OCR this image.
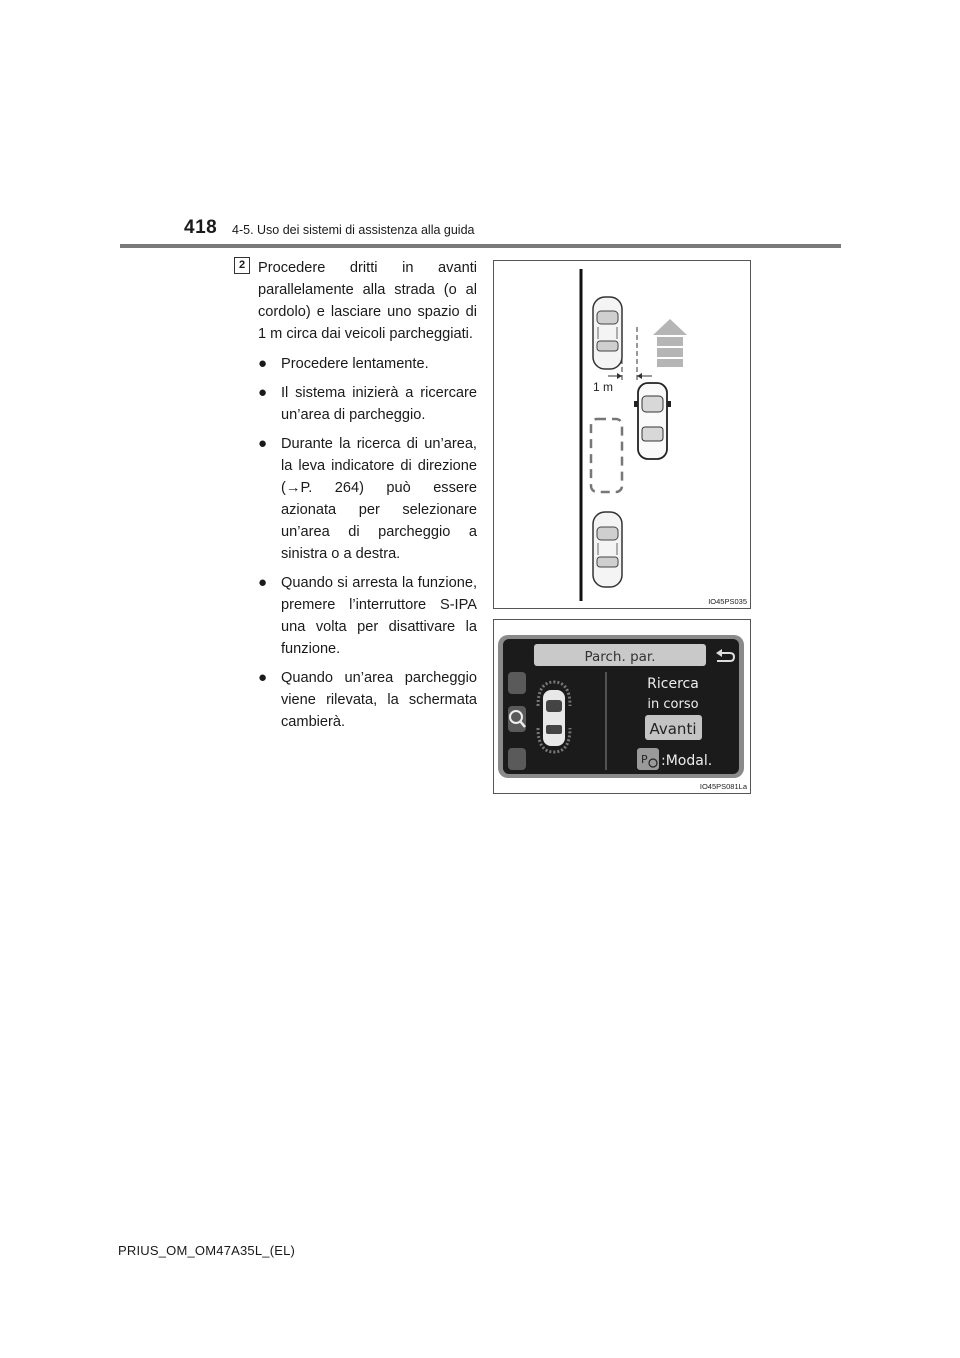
418 4-5. Uso dei sistemi di assistenza alla guida
2 Procedere dritti in avanti parallelamente alla strada (o al cordolo) e lasciare uno spazio di 1 m circa dai veicoli parcheggiati.

● Procedere lentamente.
● Il sistema inizierà a ricercare un’area di parcheggio.
● Durante la ricerca di un’area, la leva indicatore di direzione (→P. 264) può essere azionata per selezionare un’area di parcheggio a sinistra o a destra.
● Quando si arresta la funzione, premere l’interruttore S-IPA una volta per disattivare la funzione.
● Quando un’area parcheggio viene rilevata, la schermata cambierà.
1 m
IO45PS035
Parch. par.
Ricerca
in corso
Avanti
P :Modal.
IO45PS081La
PRIUS_OM_OM47A35L_(EL)
